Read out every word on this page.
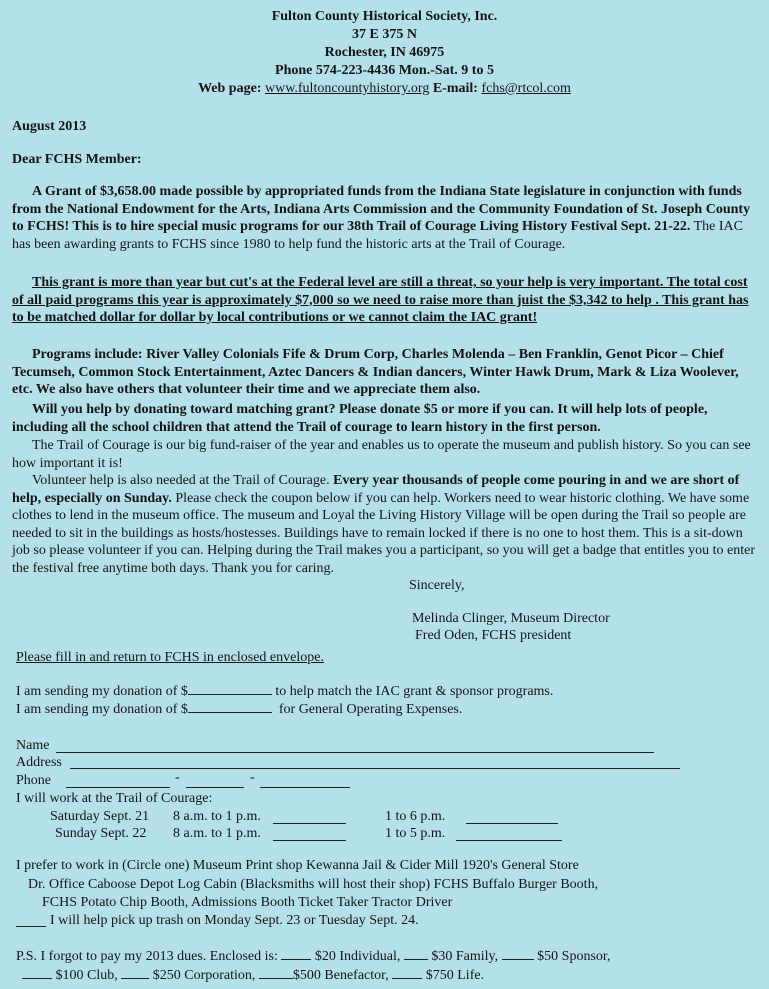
Fulton County Historical Society, Inc.
37 E 375 N
Rochester, IN 46975
Phone 574-223-4436 Mon.-Sat. 9 to 5
Web page: www.fultoncountyhistory.org E-mail: fchs@rtcol.com
August 2013
Dear FCHS Member:

A Grant of $3,658.00 made possible by appropriated funds from the Indiana State legislature in conjunction with funds from the National Endowment for the Arts, Indiana Arts Commission and the Community Foundation of St. Joseph County to FCHS! This is to hire special music programs for our 38th Trail of Courage Living History Festival Sept. 21-22. The IAC has been awarding grants to FCHS since 1980 to help fund the historic arts at the Trail of Courage.

This grant is more than year but cut's at the Federal level are still a threat, so your help is very important. The total cost of all paid programs this year is approximately $7,000 so we need to raise more than juist the $3,342 to help . This grant has to be matched dollar for dollar by local contributions or we cannot claim the IAC grant!

Programs include: River Valley Colonials Fife & Drum Corp, Charles Molenda – Ben Franklin, Genot Picor – Chief Tecumseh, Common Stock Entertainment, Aztec Dancers & Indian dancers, Winter Hawk Drum, Mark & Liza Woolever, etc. We also have others that volunteer their time and we appreciate them also.

Will you help by donating toward matching grant? Please donate $5 or more if you can. It will help lots of people, including all the school children that attend the Trail of courage to learn history in the first person.

The Trail of Courage is our big fund-raiser of the year and enables us to operate the museum and publish history. So you can see how important it is!

Volunteer help is also needed at the Trail of Courage. Every year thousands of people come pouring in and we are short of help, especially on Sunday. Please check the coupon below if you can help. Workers need to wear historic clothing. We have some clothes to lend in the museum office. The museum and Loyal the Living History Village will be open during the Trail so people are needed to sit in the buildings as hosts/hostesses. Buildings have to remain locked if there is no one to host them. This is a sit-down job so please volunteer if you can. Helping during the Trail makes you a participant, so you will get a badge that entitles you to enter the festival free anytime both days. Thank you for caring.

Sincerely,
Melinda Clinger, Museum Director
Fred Oden, FCHS president
Please fill in and return to FCHS in enclosed envelope.
I am sending my donation of $	to help match the IAC grant & sponsor programs.
I am sending my donation of $	for General Operating Expenses.
Name
Address
Phone	-	-
I will work at the Trail of Courage:
Saturday Sept. 21 8 a.m. to 1 p.m.	1 to 6 p.m.
Sunday Sept. 22 8 a.m. to 1 p.m.	1 to 5 p.m.
I prefer to work in (Circle one) Museum Print shop Kewanna Jail & Cider Mill 1920's General Store
Dr. Office Caboose Depot Log Cabin (Blacksmiths will host their shop) FCHS Buffalo Burger Booth,
FCHS Potato Chip Booth, Admissions Booth Ticket Taker Tractor Driver
I will help pick up trash on Monday Sept. 23 or Tuesday Sept. 24.
P.S. I forgot to pay my 2013 dues. Enclosed is:	$20 Individual, $30 Family,	$50 Sponsor,
$100 Club,	$250 Corporation,	$500 Benefactor,	$750 Life.
